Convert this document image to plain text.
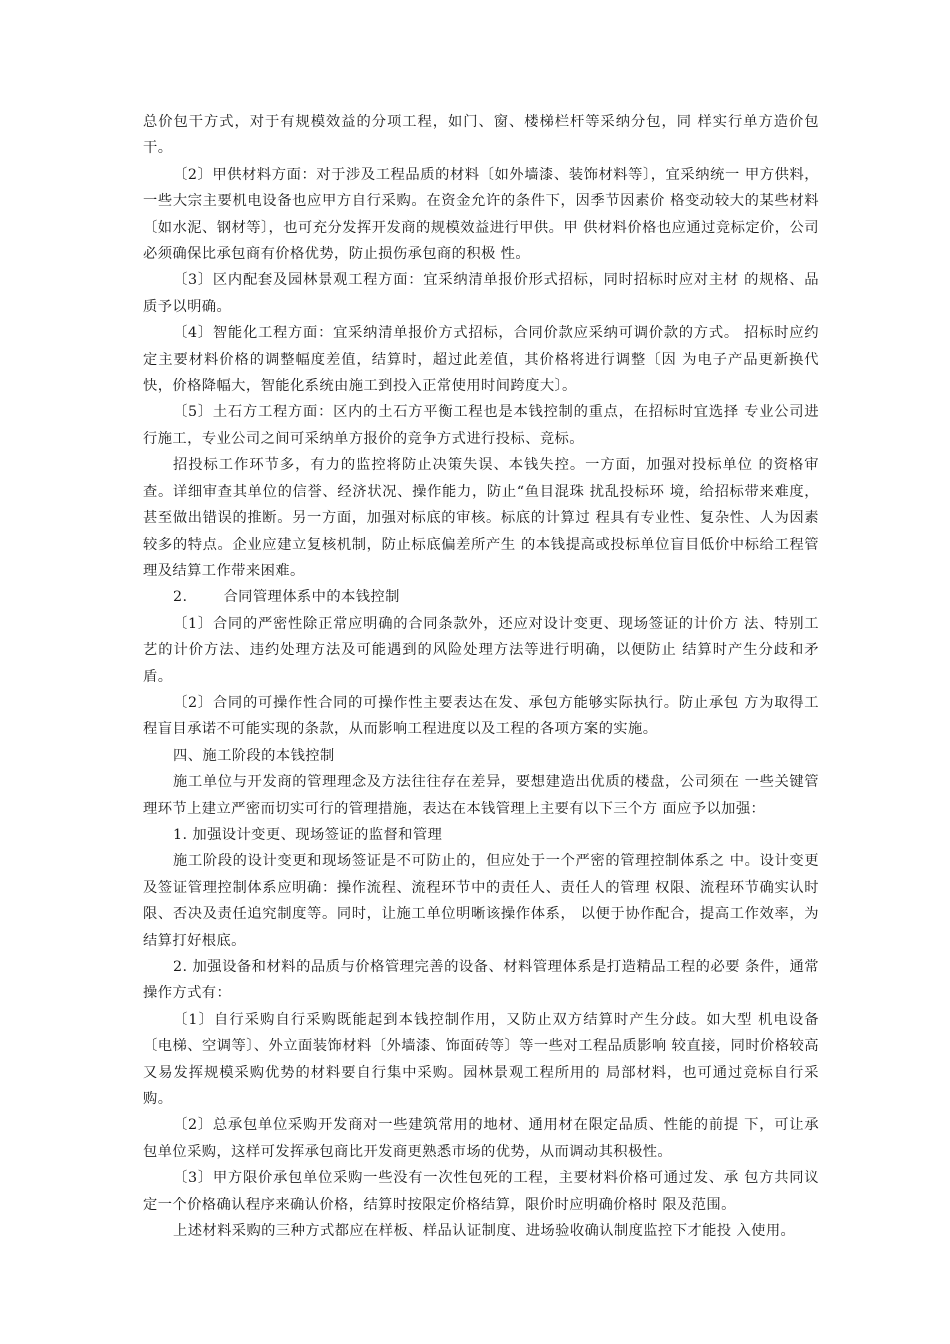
总价包干方式，对于有规模效益的分项工程，如门、窗、楼梯栏杆等采纳分包，同 样实行单方造价包干。

〔2〕甲供材料方面：对于涉及工程品质的材料〔如外墙漆、装饰材料等〕，宜采纳统一 甲方供料，一些大宗主要机电设备也应甲方自行采购。在资金允许的条件下，因季节因素价 格变动较大的某些材料〔如水泥、钢材等〕，也可充分发挥开发商的规模效益进行甲供。甲 供材料价格也应通过竞标定价，公司必须确保比承包商有价格优势，防止损伤承包商的积极 性。

〔3〕区内配套及园林景观工程方面：宜采纳清单报价形式招标，同时招标时应对主材 的规格、品质予以明确。

〔4〕智能化工程方面：宜采纳清单报价方式招标，合同价款应采纳可调价款的方式。 招标时应约定主要材料价格的调整幅度差值，结算时，超过此差值，其价格将进行调整〔因 为电子产品更新换代快，价格降幅大，智能化系统由施工到投入正常使用时间跨度大〕。

〔5〕土石方工程方面：区内的土石方平衡工程也是本钱控制的重点，在招标时宜选择 专业公司进行施工，专业公司之间可采纳单方报价的竞争方式进行投标、竞标。

招投标工作环节多，有力的监控将防止决策失误、本钱失控。一方面，加强对投标单位 的资格审查。详细审查其单位的信誉、经济状况、操作能力，防止“鱼目混珠 扰乱投标环 境，给招标带来难度，甚至做出错误的推断。另一方面，加强对标底的审核。标底的计算过 程具有专业性、复杂性、人为因素较多的特点。企业应建立复核机制，防止标底偏差所产生 的本钱提高或投标单位盲目低价中标给工程管理及结算工作带来困难。

2.	合同管理体系中的本钱控制

〔1〕合同的严密性除正常应明确的合同条款外，还应对设计变更、现场签证的计价方 法、特别工艺的计价方法、违约处理方法及可能遇到的风险处理方法等进行明确，以便防止 结算时产生分歧和矛盾。

〔2〕合同的可操作性合同的可操作性主要表达在发、承包方能够实际执行。防止承包 方为取得工程盲目承诺不可能实现的条款，从而影响工程进度以及工程的各项方案的实施。

四、施工阶段的本钱控制

施工单位与开发商的管理理念及方法往往存在差异，要想建造出优质的楼盘，公司须在 一些关键管理环节上建立严密而切实可行的管理措施，表达在本钱管理上主要有以下三个方 面应予以加强：

1. 加强设计变更、现场签证的监督和管理

施工阶段的设计变更和现场签证是不可防止的，但应处于一个严密的管理控制体系之 中。设计变更及签证管理控制体系应明确：操作流程、流程环节中的责任人、责任人的管理 权限、流程环节确实认时限、否决及责任追究制度等。同时，让施工单位明晰该操作体系， 以便于协作配合，提高工作效率，为结算打好根底。

2. 加强设备和材料的品质与价格管理完善的设备、材料管理体系是打造精品工程的必要 条件，通常操作方式有：

〔1〕自行采购自行采购既能起到本钱控制作用，又防止双方结算时产生分歧。如大型 机电设备〔电梯、空调等〕、外立面装饰材料〔外墙漆、饰面砖等〕等一些对工程品质影响 较直接，同时价格较高又易发挥规模采购优势的材料要自行集中采购。园林景观工程所用的 局部材料，也可通过竞标自行采购。

〔2〕总承包单位采购开发商对一些建筑常用的地材、通用材在限定品质、性能的前提 下，可让承包单位采购，这样可发挥承包商比开发商更熟悉市场的优势，从而调动其积极性。

〔3〕甲方限价承包单位采购一些没有一次性包死的工程，主要材料价格可通过发、承 包方共同议定一个价格确认程序来确认价格，结算时按限定价格结算，限价时应明确价格时 限及范围。

上述材料采购的三种方式都应在样板、样品认证制度、进场验收确认制度监控下才能投 入使用。
